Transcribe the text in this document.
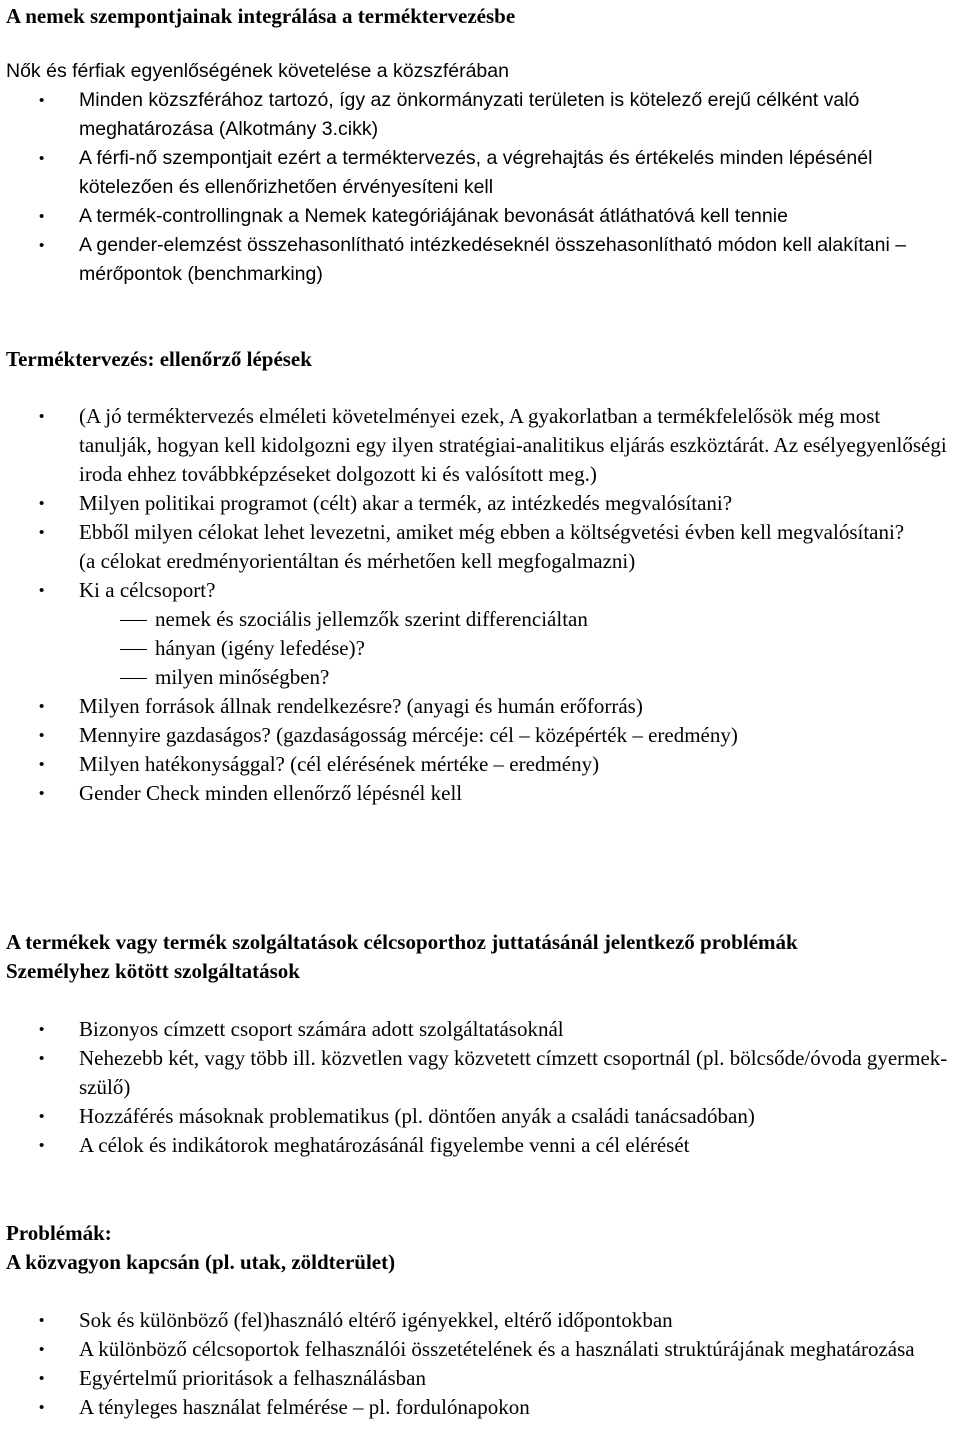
A nemek szempontjainak integrálása a terméktervezésbe
Nők és férfiak egyenlőségének követelése a közszférában
• Minden közszférához tartozó, így az önkormányzati területen is kötelező erejű célként való meghatározása (Alkotmány 3.cikk)
• A férfi-nő szempontjait ezért a terméktervezés, a végrehajtás és értékelés minden lépésénél kötelezően és ellenőrizhetően érvényesíteni kell
• A termék-controllingnak a Nemek kategóriájának bevonását átláthatóvá kell tennie
• A gender-elemzést összehasonlítható intézkedéseknél összehasonlítható módon kell alakítani – mérőpontok (benchmarking)
Terméktervezés: ellenőrző lépések
• (A jó terméktervezés elméleti követelményei ezek, A gyakorlatban a termékfelelősök még most tanulják, hogyan kell kidolgozni egy ilyen stratégiai-analitikus eljárás eszköztárát. Az esélyegyenlőségi iroda ehhez továbbképzéseket dolgozott ki és valósított meg.)
• Milyen politikai programot (célt) akar a termék, az intézkedés megvalósítani?
• Ebből milyen célokat lehet levezetni, amiket még ebben a költségvetési évben kell megvalósítani?
(a célokat eredményorientáltan és mérhetően kell megfogalmazni)
• Ki a célcsoport?
nemek és szociális jellemzők szerint differenciáltan
hányan (igény lefedése)?
milyen minőségben?
• Milyen források állnak rendelkezésre? (anyagi és humán erőforrás)
• Mennyire gazdaságos? (gazdaságosság mércéje: cél – középérték – eredmény)
• Milyen hatékonysággal? (cél elérésének mértéke – eredmény)
• Gender Check minden ellenőrző lépésnél kell
A termékek vagy termék szolgáltatások célcsoporthoz juttatásánál jelentkező problémák
Személyhez kötött szolgáltatások
• Bizonyos címzett csoport számára adott szolgáltatásoknál
• Nehezebb két, vagy több ill. közvetlen vagy közvetett címzett csoportnál (pl. bölcsőde/óvoda gyermek-szülő)
• Hozzáférés másoknak problematikus (pl. döntően anyák a családi tanácsadóban)
• A célok és indikátorok meghatározásánál figyelembe venni a cél elérését
Problémák:
A közvagyon kapcsán (pl. utak, zöldterület)
• Sok és különböző (fel)használó eltérő igényekkel, eltérő időpontokban
• A különböző célcsoportok felhasználói összetételének és a használati struktúrájának meghatározása
• Egyértelmű prioritások a felhasználásban
• A tényleges használat felmérése – pl. fordulónapokon
